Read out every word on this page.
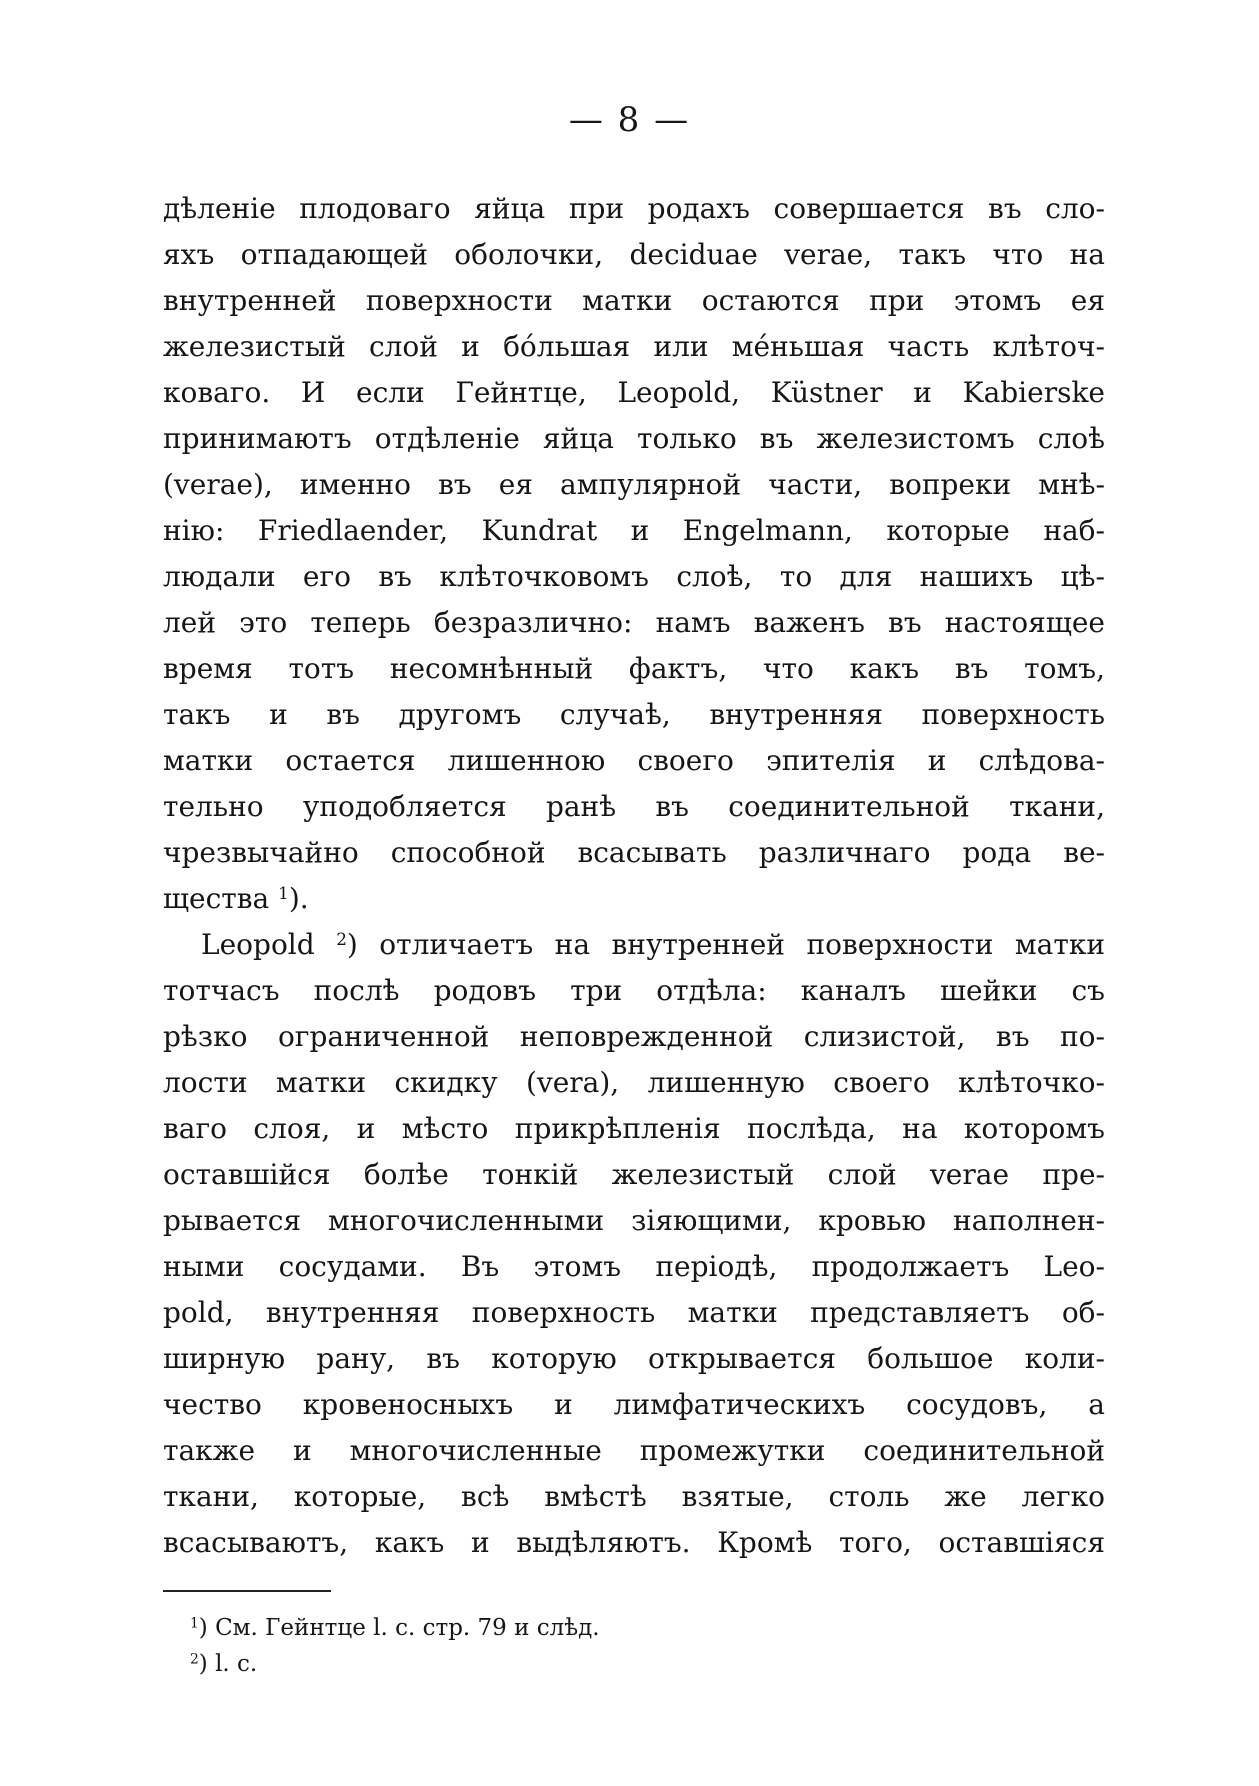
— 8 —
дѣленіе плодоваго яйца при родахъ совершается въ сло-
яхъ отпадающей оболочки, deciduae verae, такъ что на
внутренней поверхности матки остаются при этомъ ея
железистый слой и бóльшая или мéньшая часть клѣточ-
коваго. И если Гейнтце, Leopold, Küstner и Kabierske
принимаютъ отдѣленіе яйца только въ железистомъ слоѣ
(verae), именно въ ея ампулярной части, вопреки мнѣ-
нію: Friedlaender, Kundrat и Engelmann, которые наб-
людали его въ клѣточковомъ слоѣ, то для нашихъ цѣ-
лей это теперь безразлично: намъ важенъ въ настоящее
время тотъ несомнѣнный фактъ, что какъ въ томъ,
такъ и въ другомъ случаѣ, внутренняя поверхность
матки остается лишенною своего эпителія и слѣдова-
тельно уподобляется ранѣ въ соединительной ткани,
чрезвычайно способной всасывать различнаго рода ве-
щества $^1$).
Leopold $^2$) отличаетъ на внутренней поверхности матки
тотчасъ послѣ родовъ три отдѣла: каналъ шейки съ
рѣзко ограниченной неповрежденной слизистой, въ по-
лости матки скидку (vera), лишенную своего клѣточко-
ваго слоя, и мѣсто прикрѣпленія послѣда, на которомъ
оставшійся болѣе тонкій железистый слой verae пре-
рывается многочисленными зіяющими, кровью наполнен-
ными сосудами. Въ этомъ періодѣ, продолжаетъ Leo-
pold, внутренняя поверхность матки представляетъ об-
ширную рану, въ которую открывается большое коли-
чество кровеносныхъ и лимфатическихъ сосудовъ, а
также и многочисленные промежутки соединительной
ткани, которые, всѣ вмѣстѣ взятые, столь же легко
всасываютъ, какъ и выдѣляютъ. Кромѣ того, оставшіяся
$^1$) См. Гейнтце l. c. стр. 79 и слѣд.
$^2$) l. c.
